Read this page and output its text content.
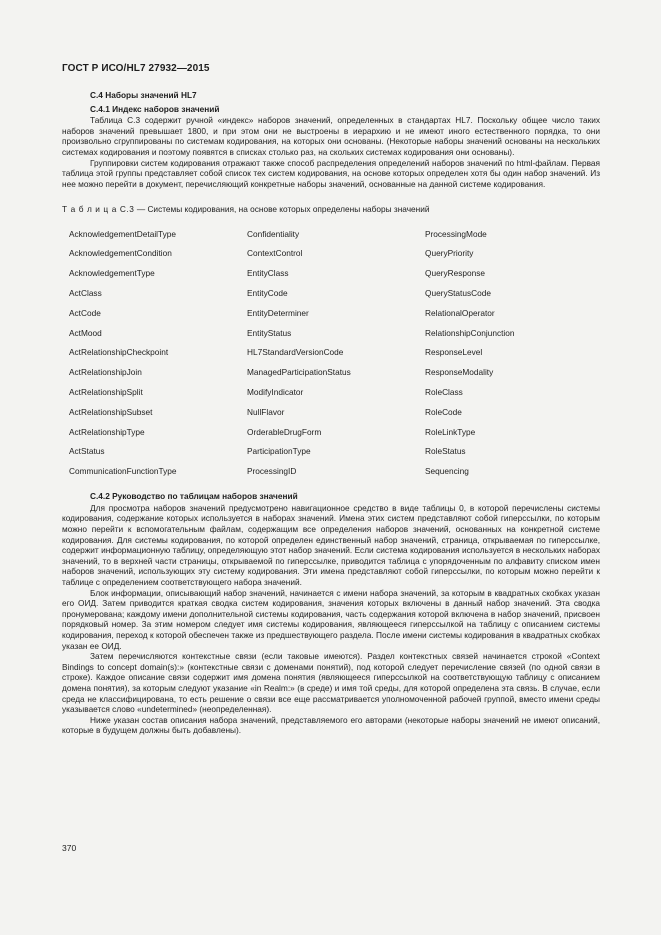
ГОСТ Р ИСО/HL7 27932—2015
C.4 Наборы значений HL7
C.4.1 Индекс наборов значений

Таблица C.3 содержит ручной «индекс» наборов значений, определенных в стандартах HL7. Поскольку общее число таких наборов значений превышает 1800, и при этом они не выстроены в иерархию и не имеют иного естественного порядка, то они произвольно сгруппированы по системам кодирования, на которых они основаны. (Некоторые наборы значений основаны на нескольких системах кодирования и поэтому появятся в списках столько раз, на скольких системах кодирования они основаны).

Группировки систем кодирования отражают также способ распределения определений наборов значений по html-файлам. Первая таблица этой группы представляет собой список тех систем кодирования, на основе которых определен хотя бы один набор значений. Из нее можно перейти в документ, перечисляющий конкретные наборы значений, основанные на данной системе кодирования.

Т а б л и ц а C.3 — Системы кодирования, на основе которых определены наборы значений

AcknowledgementDetailType	Confidentiality	ProcessingMode
AcknowledgementCondition	ContextControl	QueryPriority
AcknowledgementType	EntityClass	QueryResponse
ActClass	EntityCode	QueryStatusCode
ActCode	EntityDeterminer	RelationalOperator
ActMood	EntityStatus	RelationshipConjunction
ActRelationshipCheckpoint	HL7StandardVersionCode	ResponseLevel
ActRelationshipJoin	ManagedParticipationStatus	ResponseModality
ActRelationshipSplit	ModifyIndicator	RoleClass
ActRelationshipSubset	NullFlavor	RoleCode
ActRelationshipType	OrderableDrugForm	RoleLinkType
ActStatus	ParticipationType	RoleStatus
CommunicationFunctionType	ProcessingID	Sequencing
C.4.2 Руководство по таблицам наборов значений

Для просмотра наборов значений предусмотрено навигационное средство в виде таблицы 0, в которой перечислены системы кодирования, содержание которых используется в наборах значений. Имена этих систем представляют собой гиперссылки, по которым можно перейти к вспомогательным файлам, содержащим все определения наборов значений, основанных на конкретной системе кодирования. Для системы кодирования, по которой определен единственный набор значений, страница, открываемая по гиперссылке, содержит информационную таблицу, определяющую этот набор значений. Если система кодирования используется в нескольких наборах значений, то в верхней части страницы, открываемой по гиперссылке, приводится таблица с упорядоченным по алфавиту списком имен наборов значений, использующих эту систему кодирования. Эти имена представляют собой гиперссылки, по которым можно перейти к таблице с определением соответствующего набора значений.

Блок информации, описывающий набор значений, начинается с имени набора значений, за которым в квадратных скобках указан его ОИД. Затем приводится краткая сводка систем кодирования, значения которых включены в данный набор значений. Эта сводка пронумерована; каждому имени дополнительной системы кодирования, часть содержания которой включена в набор значений, присвоен порядковый номер. За этим номером следует имя системы кодирования, являющееся гиперссылкой на таблицу с описанием системы кодирования, переход к которой обеспечен также из предшествующего раздела. После имени системы кодирования в квадратных скобках указан ее ОИД.

Затем перечисляются контекстные связи (если таковые имеются). Раздел контекстных связей начинается строкой «Context Bindings to concept domain(s):» (контекстные связи с доменами понятий), под которой следует перечисление связей (по одной связи в строке). Каждое описание связи содержит имя домена понятия (являющееся гиперссылкой на соответствующую таблицу с описанием домена понятия), за которым следуют указание «in Realm:» (в среде) и имя той среды, для которой определена эта связь. В случае, если среда не классифицирована, то есть решение о связи все еще рассматривается уполномоченной рабочей группой, вместо имени среды указывается слово «undetermined» (неопределенная).

Ниже указан состав описания набора значений, представляемого его авторами (некоторые наборы значений не имеют описаний, которые в будущем должны быть добавлены).

370
